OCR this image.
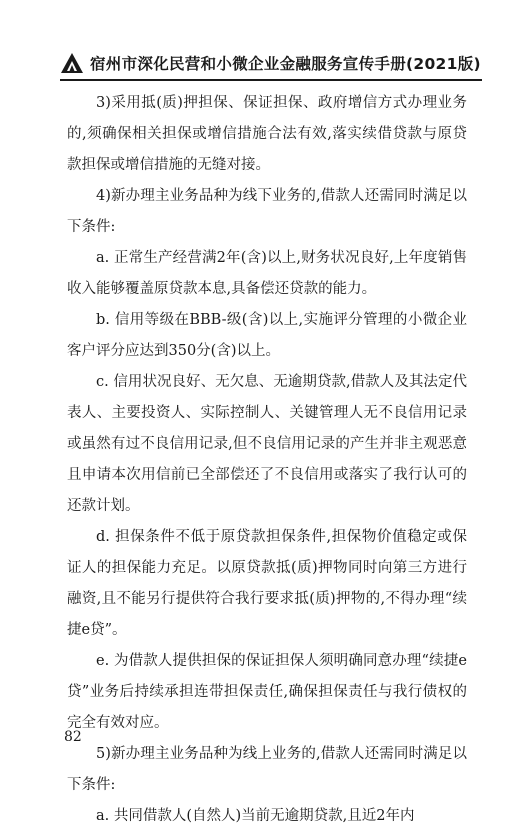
宿州市深化民营和小微企业金融服务宣传手册(2021版)

3)采用抵(质)押担保、保证担保、政府增信方式办理业务的,须确保相关担保或增信措施合法有效,落实续借贷款与原贷款担保或增信措施的无缝对接。

4)新办理主业务品种为线下业务的,借款人还需同时满足以下条件:

a. 正常生产经营满2年(含)以上,财务状况良好,上年度销售收入能够覆盖原贷款本息,具备偿还贷款的能力。

b. 信用等级在BBB-级(含)以上,实施评分管理的小微企业客户评分应达到350分(含)以上。

c. 信用状况良好、无欠息、无逾期贷款,借款人及其法定代表人、主要投资人、实际控制人、关键管理人无不良信用记录或虽然有过不良信用记录,但不良信用记录的产生并非主观恶意且申请本次用信前已全部偿还了不良信用或落实了我行认可的还款计划。

d. 担保条件不低于原贷款担保条件,担保物价值稳定或保证人的担保能力充足。以原贷款抵(质)押物同时向第三方进行融资,且不能另行提供符合我行要求抵(质)押物的,不得办理“续捷e贷”。

e. 为借款人提供担保的保证担保人须明确同意办理“续捷e贷”业务后持续承担连带担保责任,确保担保责任与我行债权的完全有效对应。

5)新办理主业务品种为线上业务的,借款人还需同时满足以下条件:

a. 共同借款人(自然人)当前无逾期贷款,且近2年内

82
